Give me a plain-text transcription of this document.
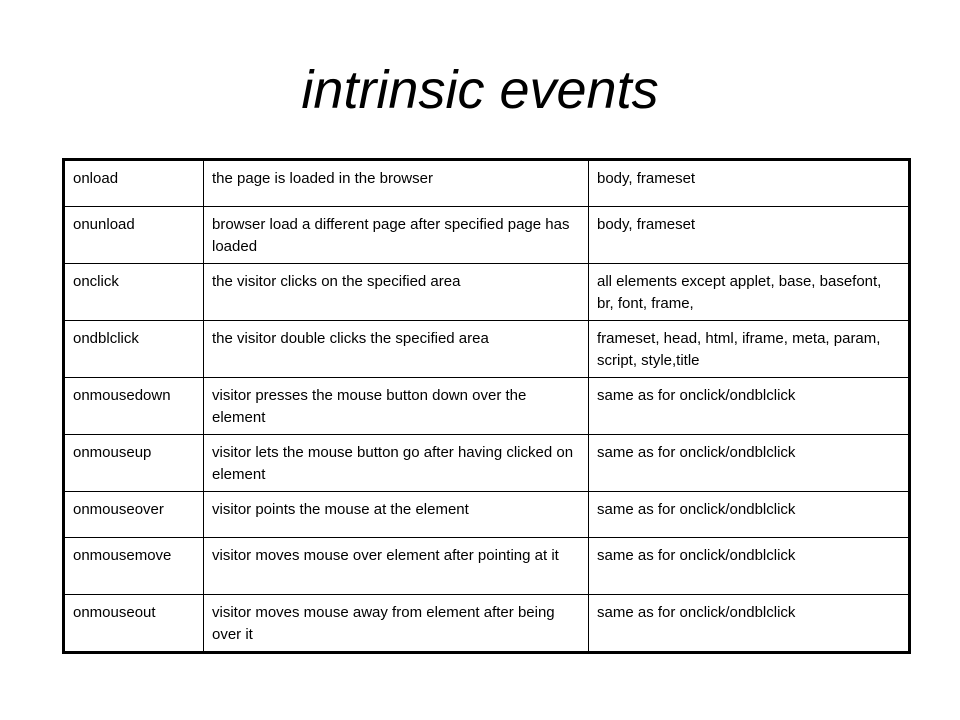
intrinsic events
onload	the page is loaded in the browser	body, frameset
onunload	browser load a different page after specified page has loaded	body, frameset
onclick	the visitor clicks on the specified area	all elements except applet, base, basefont, br, font, frame,
ondblclick	the visitor double clicks the specified area	frameset, head, html, iframe, meta, param, script, style,title
onmousedown	visitor presses the mouse button down over the element	same as for onclick/ondblclick
onmouseup	visitor lets the mouse button go after having clicked on element	same as for onclick/ondblclick
onmouseover	visitor points the mouse at the element	same as for onclick/ondblclick
onmousemove	visitor moves mouse over element after pointing at it	same as for onclick/ondblclick
onmouseout	visitor moves mouse away from element after being over it	same as for onclick/ondblclick
